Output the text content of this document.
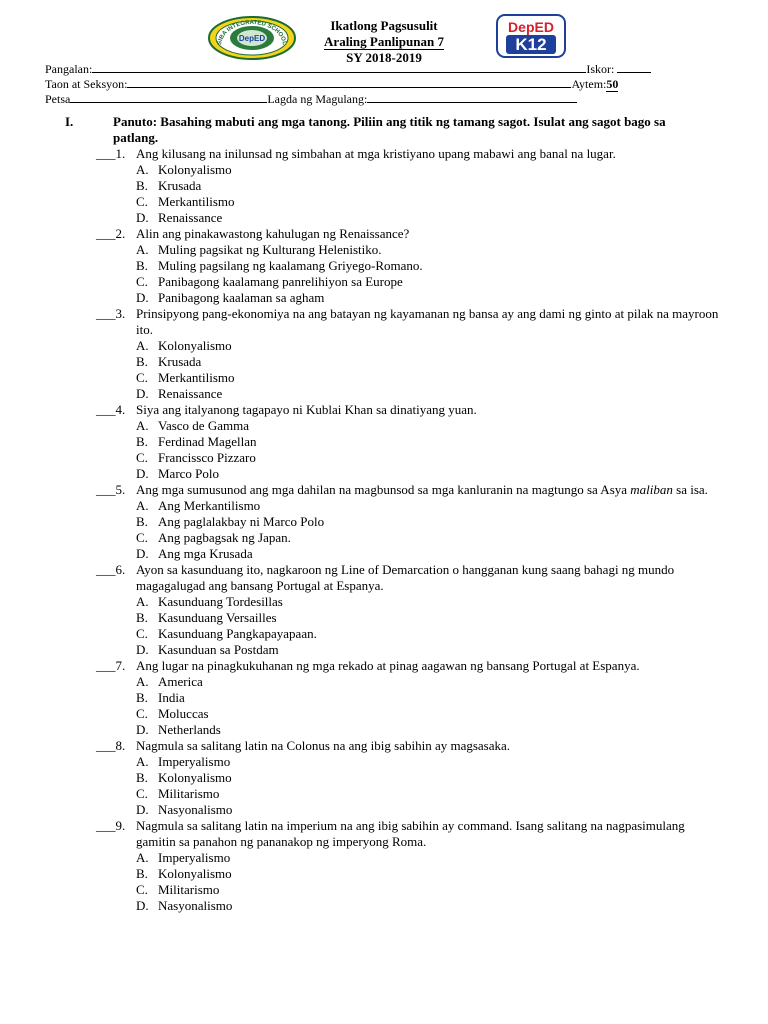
DepED
SIBA INTEGRATED SCHOOL
Ikatlong Pagsusulit
Araling Panlipunan 7
SY 2018-2019
DepED
K12
Pangalan:	Iskor:
Taon at Seksyon:	Aytem:50
Petsa	Lagda ng Magulang:
I.	Panuto: Basahing mabuti ang mga tanong. Piliin ang titik ng tamang sagot. Isulat ang sagot bago sa patlang.
___1. Ang kilusang na inilunsad ng simbahan at mga kristiyano upang mabawi ang banal na lugar.
A. Kolonyalismo
B. Krusada
C. Merkantilismo
D. Renaissance
___2. Alin ang pinakawastong kahulugan ng Renaissance?
A. Muling pagsikat ng Kulturang Helenistiko.
B. Muling pagsilang ng kaalamang Griyego-Romano.
C. Panibagong kaalamang panrelihiyon sa Europe
D. Panibagong kaalaman sa agham
___3. Prinsipyong pang-ekonomiya na ang batayan ng kayamanan ng bansa ay ang dami ng ginto at pilak na mayroon ito.
A. Kolonyalismo
B. Krusada
C. Merkantilismo
D. Renaissance
___4. Siya ang italyanong tagapayo ni Kublai Khan sa dinatiyang yuan.
A. Vasco de Gamma
B. Ferdinad Magellan
C. Francissco Pizzaro
D. Marco Polo
___5. Ang mga sumusunod ang mga dahilan na magbunsod sa mga kanluranin na magtungo sa Asya maliban sa isa.
A. Ang Merkantilismo
B. Ang paglalakbay ni Marco Polo
C. Ang pagbagsak ng Japan.
D. Ang mga Krusada
___6. Ayon sa kasunduang ito, nagkaroon ng Line of Demarcation o hangganan kung saang bahagi ng mundo magagalugad ang bansang Portugal at Espanya.
A. Kasunduang Tordesillas
B. Kasunduang Versailles
C. Kasunduang Pangkapayapaan.
D. Kasunduan sa Postdam
___7. Ang lugar na pinagkukuhanan ng mga rekado at pinag aagawan ng bansang Portugal at Espanya.
A. America
B. India
C. Moluccas
D. Netherlands
___8. Nagmula sa salitang latin na Colonus na ang ibig sabihin ay magsasaka.
A. Imperyalismo
B. Kolonyalismo
C. Militarismo
D. Nasyonalismo
___9. Nagmula sa salitang latin na imperium na ang ibig sabihin ay command. Isang salitang na nagpasimulang gamitin sa panahon ng pananakop ng imperyong Roma.
A. Imperyalismo
B. Kolonyalismo
C. Militarismo
D. Nasyonalismo
